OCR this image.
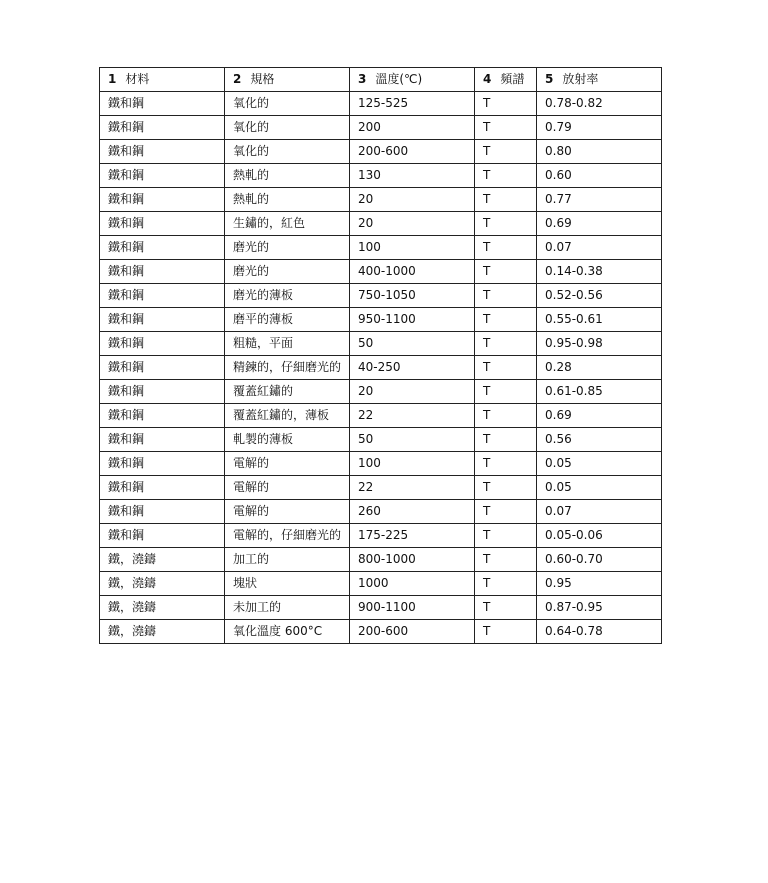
1 材料	2 規格	3 溫度(℃)	4 頻譜	5 放射率
鐵和鋼	氧化的	125-525	T	0.78-0.82
鐵和鋼	氧化的	200	T	0.79
鐵和鋼	氧化的	200-600	T	0.80
鐵和鋼	熱軋的	130	T	0.60
鐵和鋼	熱軋的	20	T	0.77
鐵和鋼	生鏽的，紅色	20	T	0.69
鐵和鋼	磨光的	100	T	0.07
鐵和鋼	磨光的	400-1000	T	0.14-0.38
鐵和鋼	磨光的薄板	750-1050	T	0.52-0.56
鐵和鋼	磨平的薄板	950-1100	T	0.55-0.61
鐵和鋼	粗糙，平面	50	T	0.95-0.98
鐵和鋼	精鍊的，仔細磨光的	40-250	T	0.28
鐵和鋼	覆蓋紅鏽的	20	T	0.61-0.85
鐵和鋼	覆蓋紅鏽的，薄板	22	T	0.69
鐵和鋼	軋製的薄板	50	T	0.56
鐵和鋼	電解的	100	T	0.05
鐵和鋼	電解的	22	T	0.05
鐵和鋼	電解的	260	T	0.07
鐵和鋼	電解的，仔細磨光的	175-225	T	0.05-0.06
鐵，澆鑄	加工的	800-1000	T	0.60-0.70
鐵，澆鑄	塊狀	1000	T	0.95
鐵，澆鑄	未加工的	900-1100	T	0.87-0.95
鐵，澆鑄	氧化溫度 600°C	200-600	T	0.64-0.78
